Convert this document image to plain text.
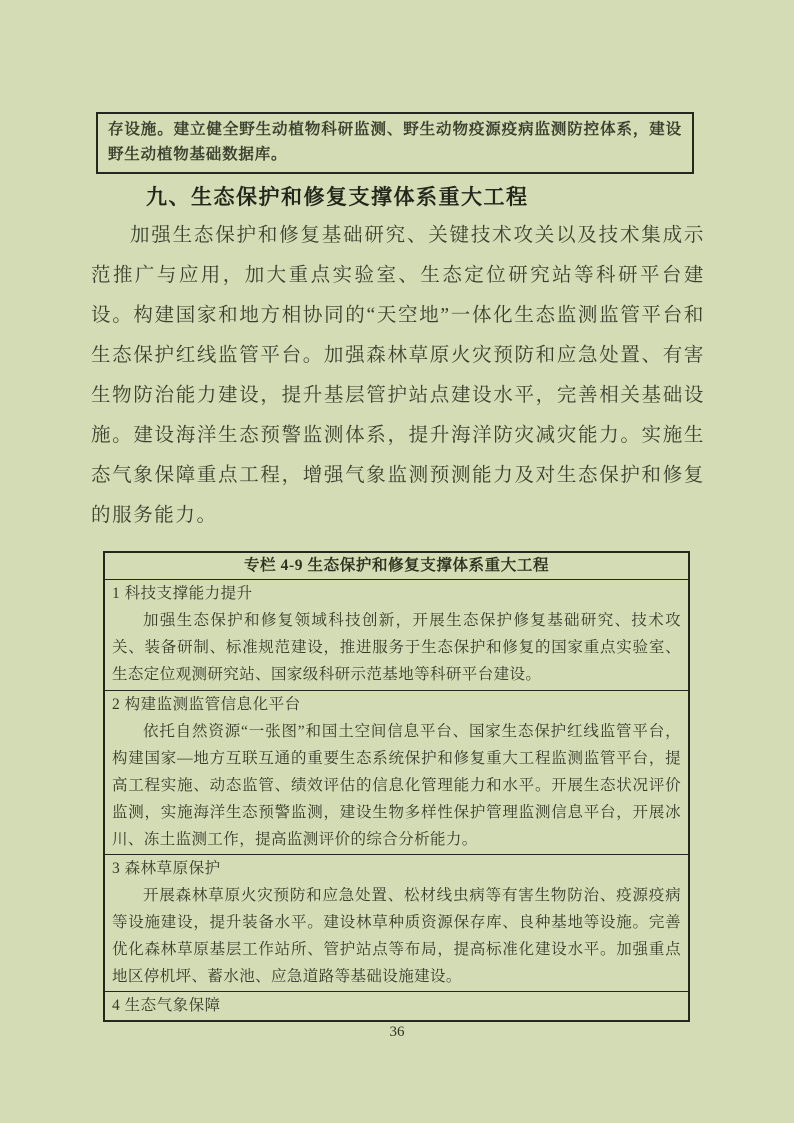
存设施。建立健全野生动植物科研监测、野生动物疫源疫病监测防控体系，建设野生动植物基础数据库。
九、生态保护和修复支撑体系重大工程
加强生态保护和修复基础研究、关键技术攻关以及技术集成示范推广与应用，加大重点实验室、生态定位研究站等科研平台建设。构建国家和地方相协同的“天空地”一体化生态监测监管平台和生态保护红线监管平台。加强森林草原火灾预防和应急处置、有害生物防治能力建设，提升基层管护站点建设水平，完善相关基础设施。建设海洋生态预警监测体系，提升海洋防灾减灾能力。实施生态气象保障重点工程，增强气象监测预测能力及对生态保护和修复的服务能力。
专栏 4-9 生态保护和修复支撑体系重大工程
1 科技支撑能力提升
加强生态保护和修复领域科技创新，开展生态保护修复基础研究、技术攻关、装备研制、标准规范建设，推进服务于生态保护和修复的国家重点实验室、生态定位观测研究站、国家级科研示范基地等科研平台建设。
2 构建监测监管信息化平台
依托自然资源“一张图”和国土空间信息平台、国家生态保护红线监管平台，构建国家—地方互联互通的重要生态系统保护和修复重大工程监测监管平台，提高工程实施、动态监管、绩效评估的信息化管理能力和水平。开展生态状况评价监测，实施海洋生态预警监测，建设生物多样性保护管理监测信息平台，开展冰川、冻土监测工作，提高监测评价的综合分析能力。
3 森林草原保护
开展森林草原火灾预防和应急处置、松材线虫病等有害生物防治、疫源疫病等设施建设，提升装备水平。建设林草种质资源保存库、良种基地等设施。完善优化森林草原基层工作站所、管护站点等布局，提高标准化建设水平。加强重点地区停机坪、蓄水池、应急道路等基础设施建设。
4 生态气象保障
36
